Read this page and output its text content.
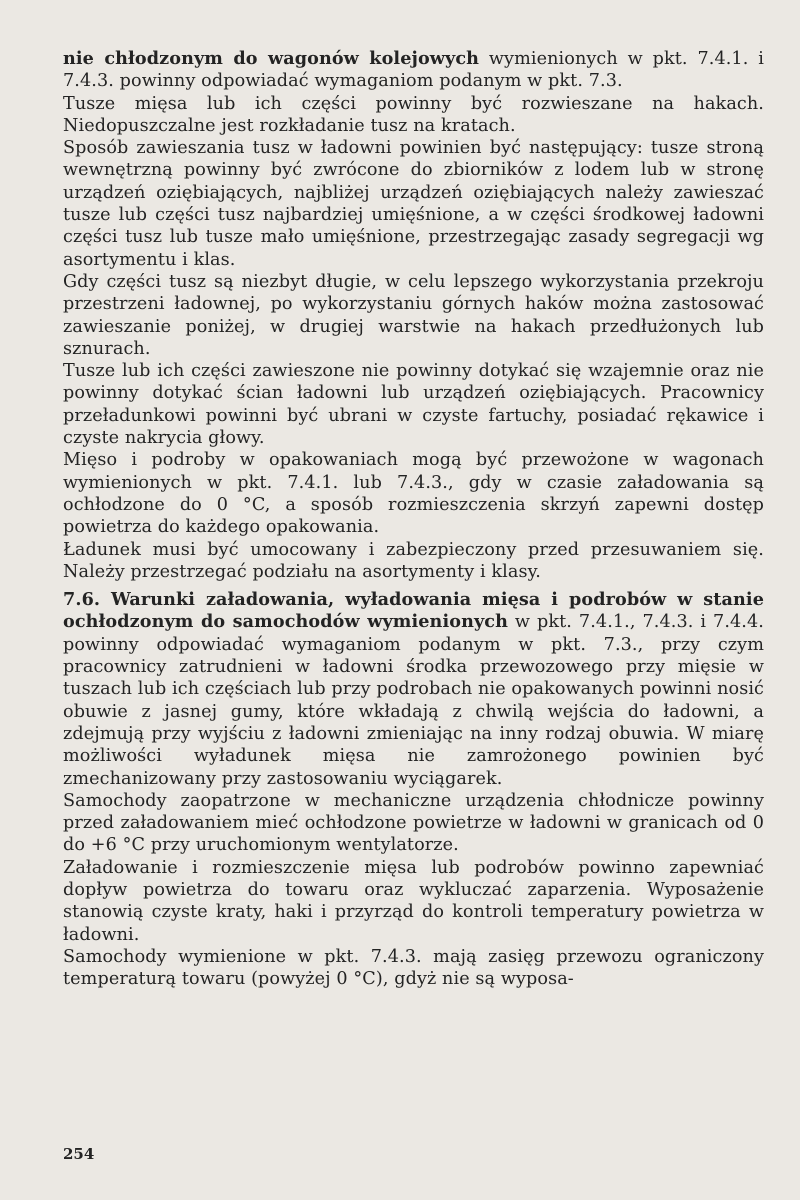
nie chłodzonym do wagonów kolejowych wymienionych w pkt. 7.4.1. i 7.4.3. powinny odpowiadać wymaganiom podanym w pkt. 7.3.

Tusze mięsa lub ich części powinny być rozwieszane na hakach. Niedopuszczalne jest rozkładanie tusz na kratach.

Sposób zawieszania tusz w ładowni powinien być następujący: tusze stroną wewnętrzną powinny być zwrócone do zbiorników z lodem lub w stronę urządzeń oziębiających, najbliżej urządzeń oziębiających należy zawieszać tusze lub części tusz najbardziej umięśnione, a w części środkowej ładowni części tusz lub tusze mało umięśnione, przestrzegając zasady segregacji wg asortymentu i klas.

Gdy części tusz są niezbyt długie, w celu lepszego wykorzystania przekroju przestrzeni ładownej, po wykorzystaniu górnych haków można zastosować zawieszanie poniżej, w drugiej warstwie na hakach przedłużonych lub sznurach.

Tusze lub ich części zawieszone nie powinny dotykać się wzajemnie oraz nie powinny dotykać ścian ładowni lub urządzeń oziębiających. Pracownicy przeładunkowi powinni być ubrani w czyste fartuchy, posiadać rękawice i czyste nakrycia głowy.

Mięso i podroby w opakowaniach mogą być przewożone w wagonach wymienionych w pkt. 7.4.1. lub 7.4.3., gdy w czasie załadowania są ochłodzone do 0 °C, a sposób rozmieszczenia skrzyń zapewni dostęp powietrza do każdego opakowania.

Ładunek musi być umocowany i zabezpieczony przed przesuwaniem się. Należy przestrzegać podziału na asortymenty i klasy.

7.6. Warunki załadowania, wyładowania mięsa i podrobów w stanie ochłodzonym do samochodów wymienionych w pkt. 7.4.1., 7.4.3. i 7.4.4. powinny odpowiadać wymaganiom podanym w pkt. 7.3., przy czym pracownicy zatrudnieni w ładowni środka przewozowego przy mięsie w tuszach lub ich częściach lub przy podrobach nie opakowanych powinni nosić obuwie z jasnej gumy, które wkładają z chwilą wejścia do ładowni, a zdejmują przy wyjściu z ładowni zmieniając na inny rodzaj obuwia. W miarę możliwości wyładunek mięsa nie zamrożonego powinien być zmechanizowany przy zastosowaniu wyciągarek.

Samochody zaopatrzone w mechaniczne urządzenia chłodnicze powinny przed załadowaniem mieć ochłodzone powietrze w ładowni w granicach od 0 do +6 °C przy uruchomionym wentylatorze.

Załadowanie i rozmieszczenie mięsa lub podrobów powinno zapewniać dopływ powietrza do towaru oraz wykluczać zaparzenia. Wyposażenie stanowią czyste kraty, haki i przyrząd do kontroli temperatury powietrza w ładowni.

Samochody wymienione w pkt. 7.4.3. mają zasięg przewozu ograniczony temperaturą towaru (powyżej 0 °C), gdyż nie są wyposa-

254
